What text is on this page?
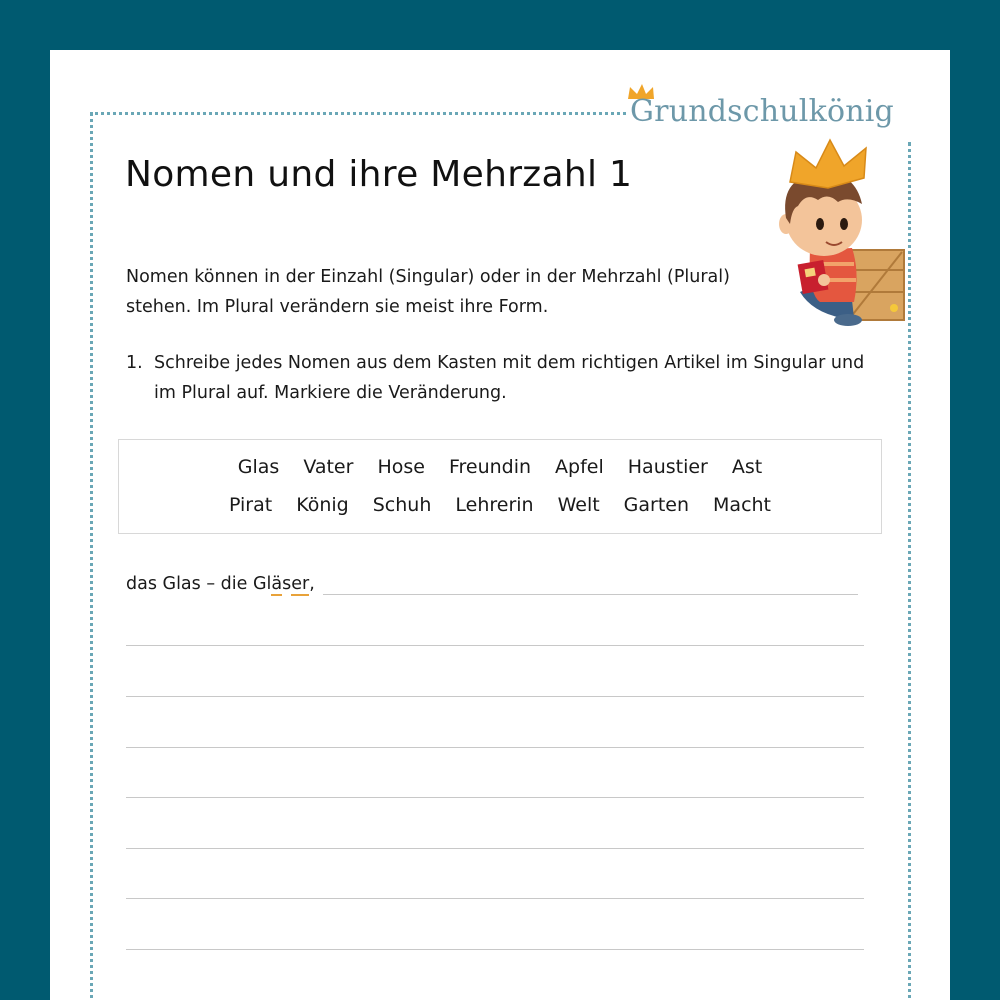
Grundschulkönig
Nomen und ihre Mehrzahl 1

Nomen können in der Einzahl (Singular) oder in der Mehrzahl (Plural) stehen. Im Plural verändern sie meist ihre Form.

1. Schreibe jedes Nomen aus dem Kasten mit dem richtigen Artikel im Singular und im Plural auf. Markiere die Veränderung.
Glas Vater Hose Freundin Apfel Haustier Ast
Pirat König Schuh Lehrerin Welt Garten Macht
das Glas – die Gläser,
